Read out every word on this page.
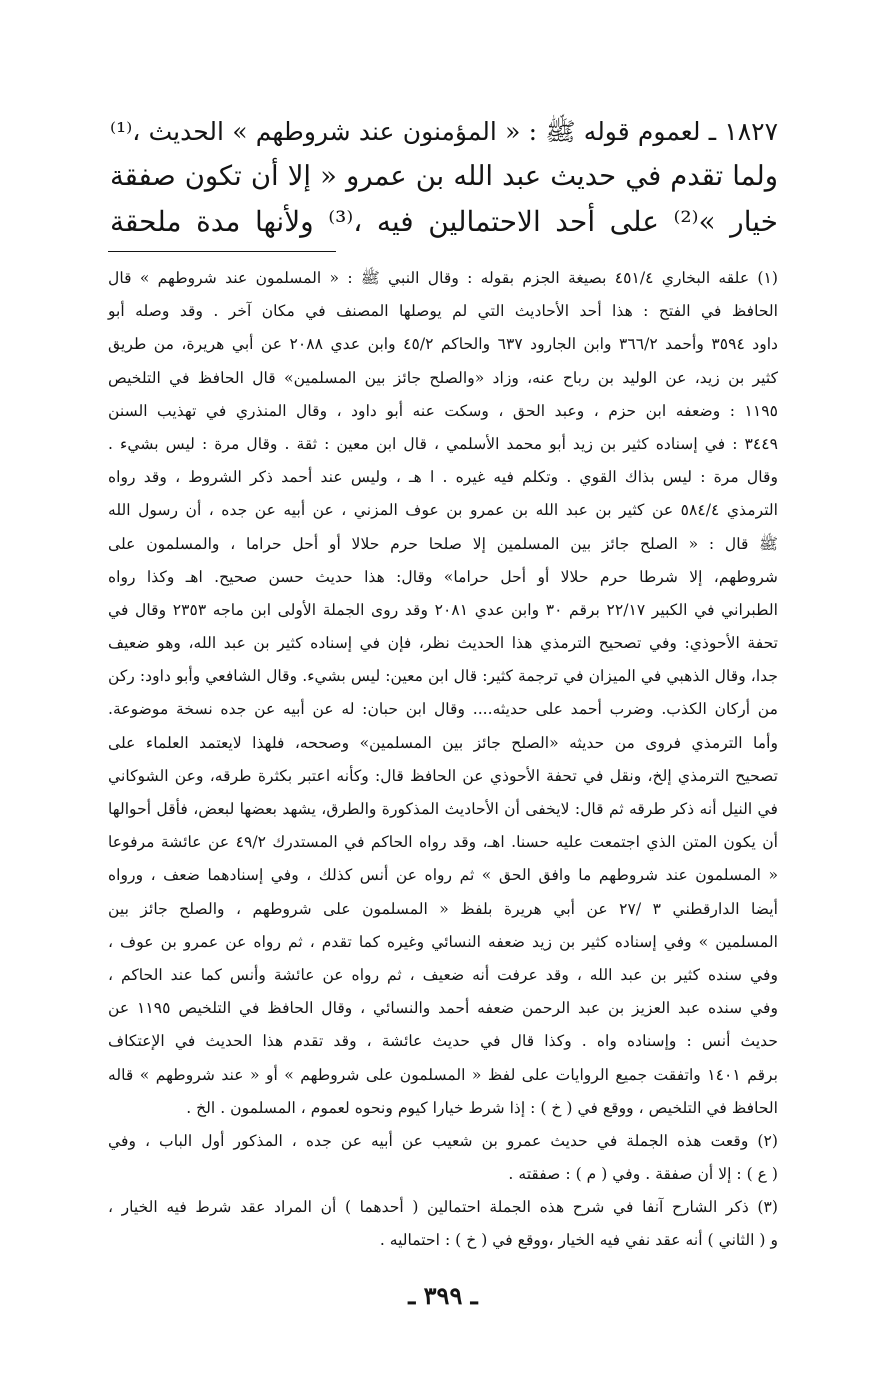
١٨٢٧ ـ لعموم قوله ﷺ : « المؤمنون عند شروطهم » الحديث ،⁽¹⁾
ولما تقدم في حديث عبد الله بن عمرو « إلا أن تكون صفقة
خيار »⁽²⁾ على أحد الاحتمالين فيه ،⁽³⁾ ولأنها مدة ملحقة
(١) علقه البخاري ٤٥١/٤ بصيغة الجزم بقوله : وقال النبي ﷺ : « المسلمون عند شروطهم » قال
الحافظ في الفتح : هذا أحد الأحاديث التي لم يوصلها المصنف في مكان آخر . وقد وصله أبو
داود ٣٥٩٤ وأحمد ٣٦٦/٢ وابن الجارود ٦٣٧ والحاكم ٤٥/٢ وابن عدي ٢٠٨٨ عن أبي هريرة، من طريق
كثير بن زيد، عن الوليد بن رباح عنه، وزاد «والصلح جائز بين المسلمين» قال الحافظ في التلخيص
١١٩٥ : وضعفه ابن حزم ، وعبد الحق ، وسكت عنه أبو داود ، وقال المنذري في تهذيب السنن
٣٤٤٩ : في إسناده كثير بن زيد أبو محمد الأسلمي ، قال ابن معين : ثقة . وقال مرة : ليس بشيء .
وقال مرة : ليس بذاك القوي . وتكلم فيه غيره . ا هـ ، وليس عند أحمد ذكر الشروط ، وقد رواه
الترمذي ٥٨٤/٤ عن كثير بن عبد الله بن عمرو بن عوف المزني ، عن أبيه عن جده ، أن رسول الله
ﷺ قال : « الصلح جائز بين المسلمين إلا صلحا حرم حلالا أو أحل حراما ، والمسلمون على
شروطهم، إلا شرطا حرم حلالا أو أحل حراما» وقال: هذا حديث حسن صحيح. اهـ وكذا رواه
الطبراني في الكبير ٢٢/١٧ برقم ٣٠ وابن عدي ٢٠٨١ وقد روى الجملة الأولى ابن ماجه ٢٣٥٣ وقال في
تحفة الأحوذي: وفي تصحيح الترمذي هذا الحديث نظر، فإن في إسناده كثير بن عبد الله، وهو ضعيف
جدا، وقال الذهبي في الميزان في ترجمة كثير: قال ابن معين: ليس بشيء. وقال الشافعي وأبو داود: ركن
من أركان الكذب. وضرب أحمد على حديثه.... وقال ابن حبان: له عن أبيه عن جده نسخة موضوعة.
وأما الترمذي فروى من حديثه «الصلح جائز بين المسلمين» وصححه، فلهذا لايعتمد العلماء على
تصحيح الترمذي إلخ، ونقل في تحفة الأحوذي عن الحافظ قال: وكأنه اعتبر بكثرة طرقه، وعن الشوكاني
في النيل أنه ذكر طرقه ثم قال: لايخفى أن الأحاديث المذكورة والطرق، يشهد بعضها لبعض، فأقل أحوالها
أن يكون المتن الذي اجتمعت عليه حسنا. اهـ، وقد رواه الحاكم في المستدرك ٤٩/٢ عن عائشة مرفوعا
« المسلمون عند شروطهم ما وافق الحق » ثم رواه عن أنس كذلك ، وفي إسنادهما ضعف ، ورواه
أيضا الدارقطني ٣ /٢٧ عن أبي هريرة بلفظ « المسلمون على شروطهم ، والصلح جائز بين
المسلمين » وفي إسناده كثير بن زيد ضعفه النسائي وغيره كما تقدم ، ثم رواه عن عمرو بن عوف ،
وفي سنده كثير بن عبد الله ، وقد عرفت أنه ضعيف ، ثم رواه عن عائشة وأنس كما عند الحاكم ،
وفي سنده عبد العزيز بن عبد الرحمن ضعفه أحمد والنسائي ، وقال الحافظ في التلخيص ١١٩٥ عن
حديث أنس : وإسناده واه . وكذا قال في حديث عائشة ، وقد تقدم هذا الحديث في الإعتكاف
برقم ١٤٠١ واتفقت جميع الروايات على لفظ « المسلمون على شروطهم » أو « عند شروطهم » قاله
الحافظ في التلخيص ، ووقع في ( خ ) : إذا شرط خيارا كيوم ونحوه لعموم ، المسلمون . الخ .
(٢) وقعت هذه الجملة في حديث عمرو بن شعيب عن أبيه عن جده ، المذكور أول الباب ، وفي
( ع ) : إلا أن صفقة . وفي ( م ) : صفقته .
(٣) ذكر الشارح آنفا في شرح هذه الجملة احتمالين ( أحدهما ) أن المراد عقد شرط فيه الخيار ،
و ( الثاني ) أنه عقد نفي فيه الخيار ،ووقع في ( خ ) : احتماليه .
ـ ٣٩٩ ـ
